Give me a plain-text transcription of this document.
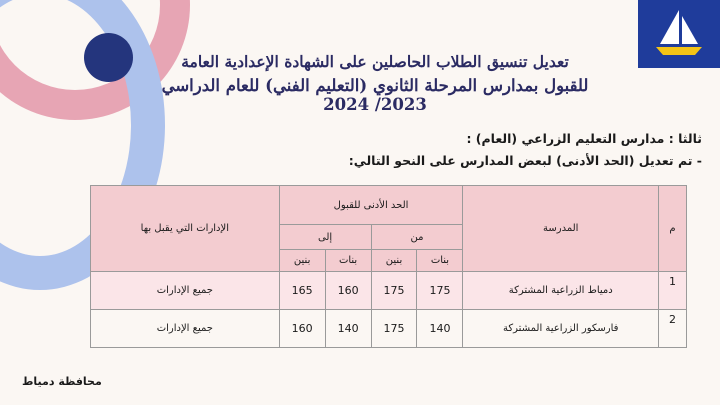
تعديل تنسيق الطلاب الحاصلين على الشهادة الإعدادية العامة
للقبول بمدارس المرحلة الثانوي (التعليم الفني) للعام الدراسي 2023/ 2024
ثالثا : مدارس التعليم الزراعي (العام) :
- تم تعديل (الحد الأدنى) لبعض المدارس على النحو التالي:
م	المدرسة	الحد الأدنى للقبول				الإدارات التي يقبل بها
		من		إلى		
		بنات	بنين	بنات	بنين	
1	دمياط الزراعية المشتركة	175	175	160	165	جميع الإدارات
2	فارسكور الزراعية المشتركة	140	175	140	160	جميع الإدارات
محافظة دمياط
